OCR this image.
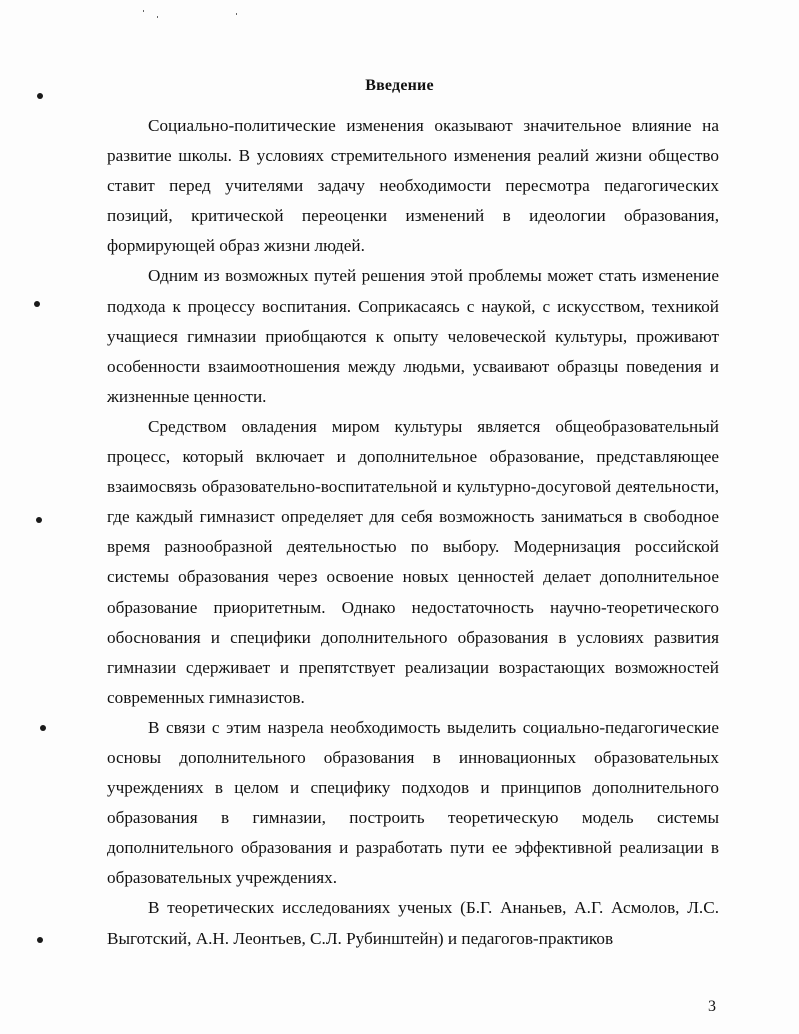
Введение

Социально-политические изменения оказывают значительное влияние на развитие школы. В условиях стремительного изменения реалий жизни общество ставит перед учителями задачу необходимости пересмотра педагогических позиций, критической переоценки изменений в идеологии образования, формирующей образ жизни людей.

Одним из возможных путей решения этой проблемы может стать изменение подхода к процессу воспитания. Соприкасаясь с наукой, с искусством, техникой учащиеся гимназии приобщаются к опыту человеческой культуры, проживают особенности взаимоотношения между людьми, усваивают образцы поведения и жизненные ценности.

Средством овладения миром культуры является общеобразовательный процесс, который включает и дополнительное образование, представляющее взаимосвязь образовательно-воспитательной и культурно-досуговой деятельности, где каждый гимназист определяет для себя возможность заниматься в свободное время разнообразной деятельностью по выбору. Модернизация российской системы образования через освоение новых ценностей делает дополнительное образование приоритетным. Однако недостаточность научно-теоретического обоснования и специфики дополнительного образования в условиях развития гимназии сдерживает и препятствует реализации возрастающих возможностей современных гимназистов.

В связи с этим назрела необходимость выделить социально-педагогические основы дополнительного образования в инновационных образовательных учреждениях в целом и специфику подходов и принципов дополнительного образования в гимназии, построить теоретическую модель системы дополнительного образования и разработать пути ее эффективной реализации в образовательных учреждениях.

В теоретических исследованиях ученых (Б.Г. Ананьев, А.Г. Асмолов, Л.С. Выготский, А.Н. Леонтьев, С.Л. Рубинштейн) и педагогов-практиков

3
